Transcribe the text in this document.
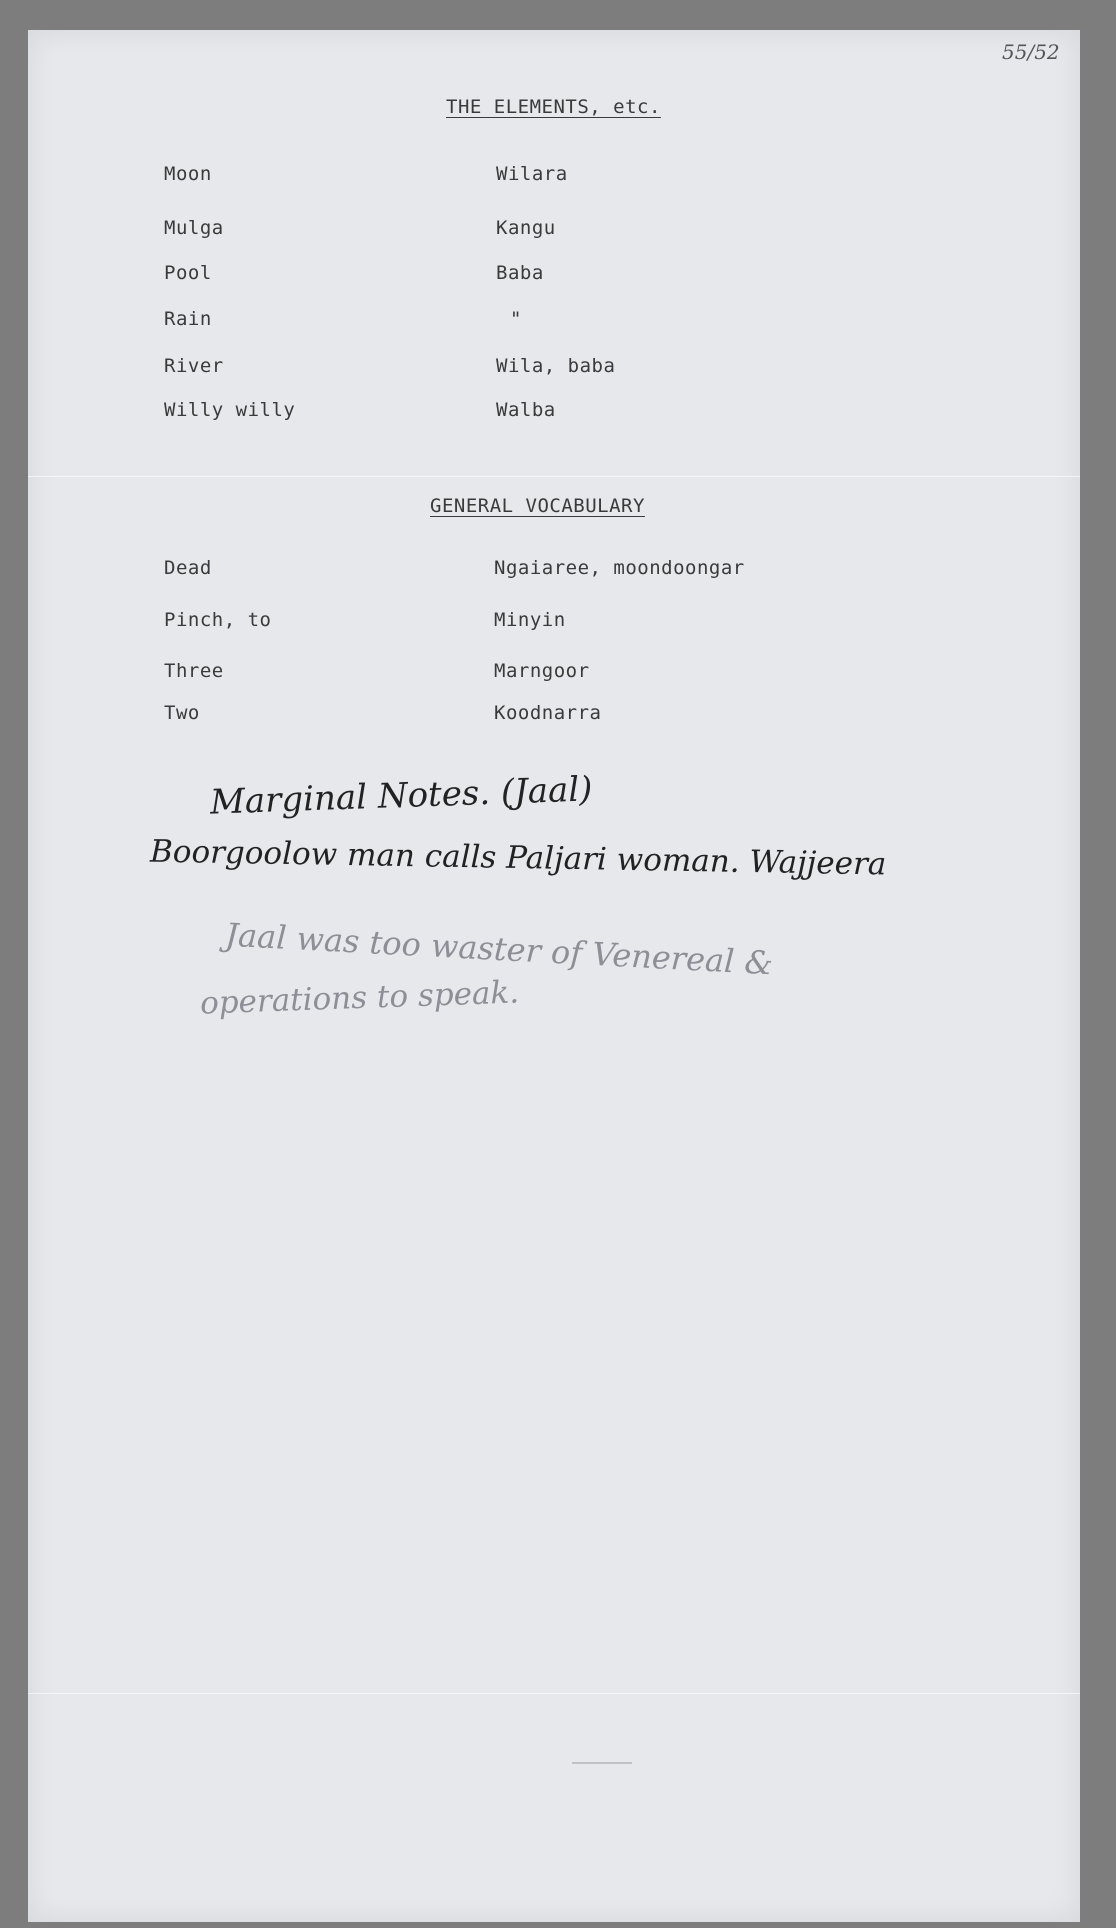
55/52
THE ELEMENTS, etc.
Moon	Wilara
Mulga	Kangu
Pool	Baba
Rain	"
River	Wila, baba
Willy willy	Walba
GENERAL VOCABULARY
Dead	Ngaiaree, moondoongar
Pinch, to	Minyin
Three	Marngoor
Two	Koodnarra
Marginal Notes. (Jaal)
Boorgoolow man calls Paljari woman. Wajjeera
Jaal was too waster of Venereal &
operations to speak.
